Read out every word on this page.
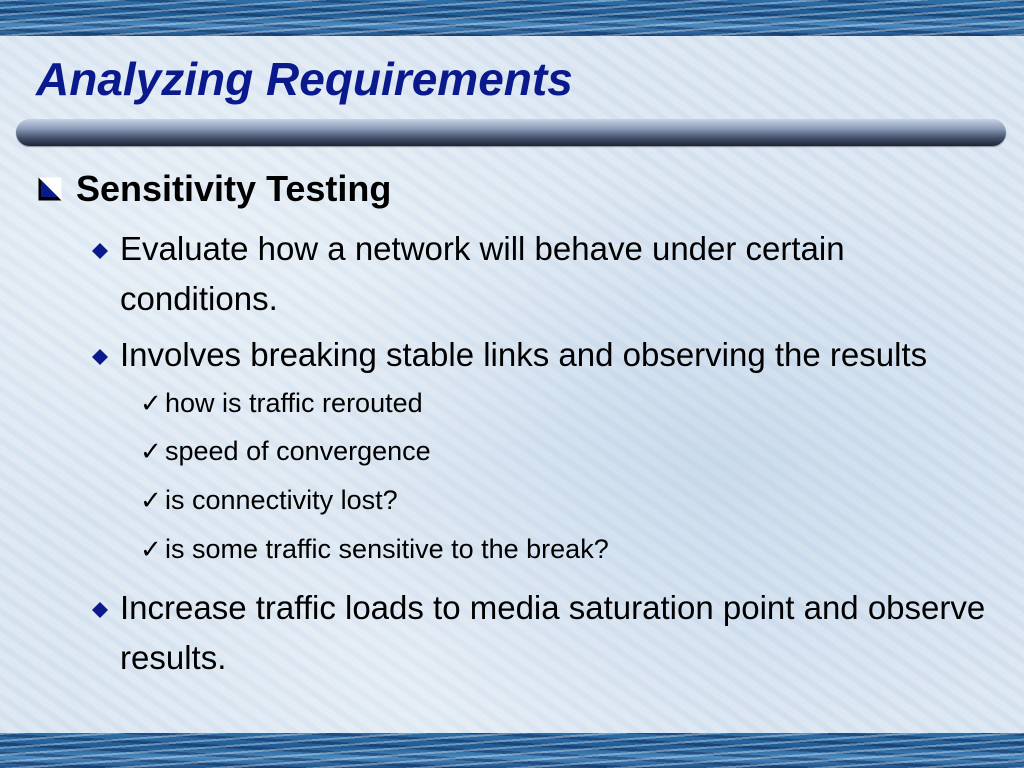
Analyzing Requirements
Sensitivity Testing
Evaluate how a network will behave under certain conditions.
Involves breaking stable links and observing the results
✓ how is traffic rerouted
✓ speed of convergence
✓ is connectivity lost?
✓ is some traffic sensitive to the break?
Increase traffic loads to media saturation point and observe results.
